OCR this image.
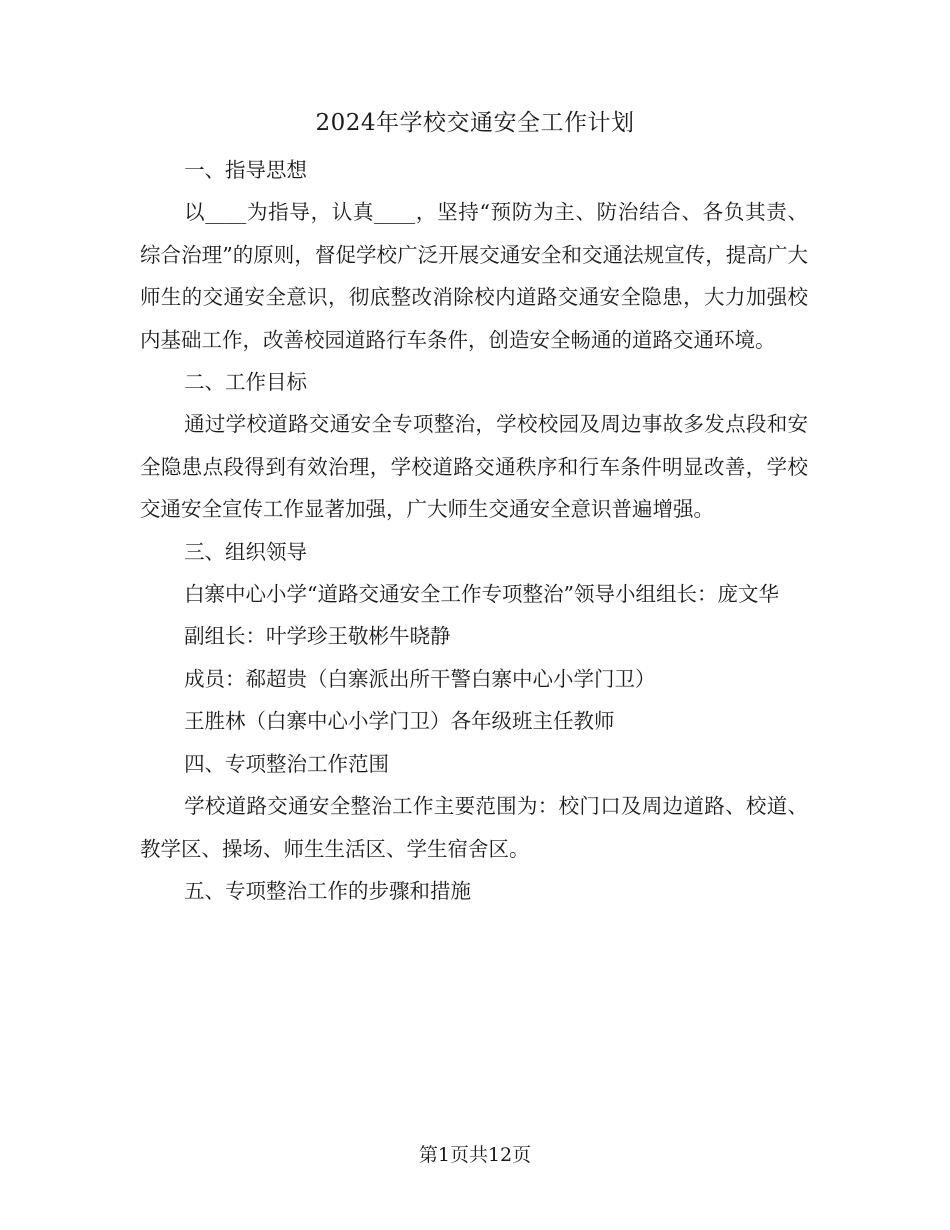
2024年学校交通安全工作计划

一、指导思想

以____为指导，认真____，坚持“预防为主、防治结合、各负其责、综合治理”的原则，督促学校广泛开展交通安全和交通法规宣传，提高广大师生的交通安全意识，彻底整改消除校内道路交通安全隐患，大力加强校内基础工作，改善校园道路行车条件，创造安全畅通的道路交通环境。

二、工作目标

通过学校道路交通安全专项整治，学校校园及周边事故多发点段和安全隐患点段得到有效治理，学校道路交通秩序和行车条件明显改善，学校交通安全宣传工作显著加强，广大师生交通安全意识普遍增强。

三、组织领导

白寨中心小学“道路交通安全工作专项整治”领导小组组长：庞文华

副组长：叶学珍王敬彬牛晓静

成员：郗超贵（白寨派出所干警白寨中心小学门卫）

王胜林（白寨中心小学门卫）各年级班主任教师

四、专项整治工作范围

学校道路交通安全整治工作主要范围为：校门口及周边道路、校道、教学区、操场、师生生活区、学生宿舍区。

五、专项整治工作的步骤和措施

第1页共12页
